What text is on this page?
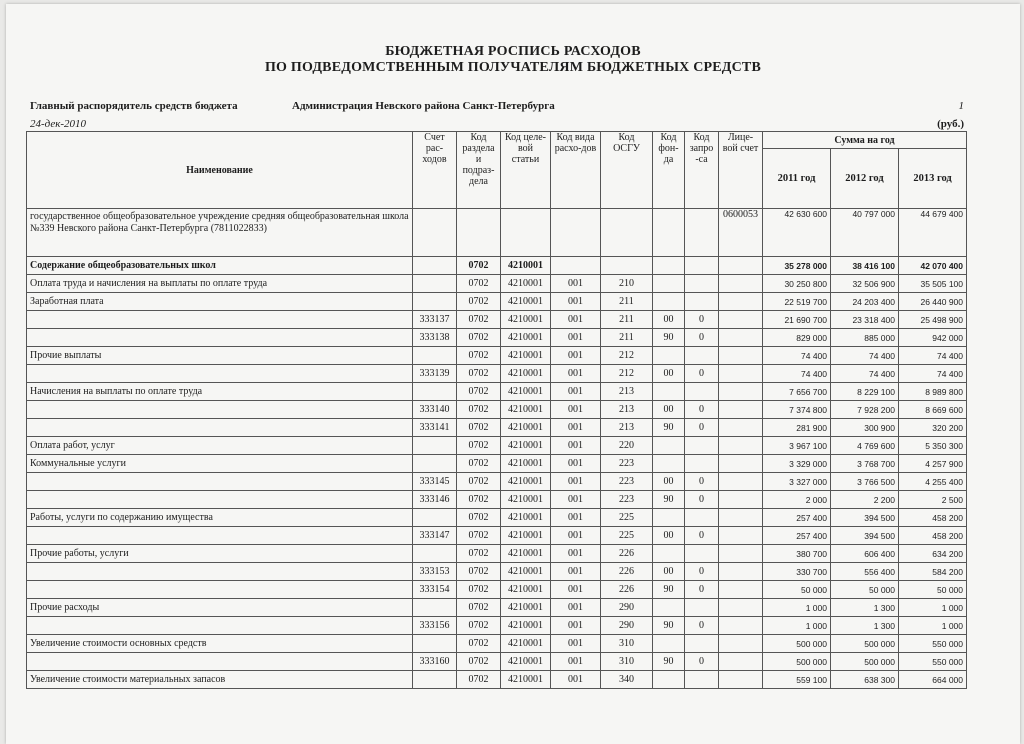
БЮДЖЕТНАЯ РОСПИСЬ РАСХОДОВ
ПО ПОДВЕДОМСТВЕННЫМ ПОЛУЧАТЕЛЯМ БЮДЖЕТНЫХ СРЕДСТВ
Главный распорядитель средств бюджета	Администрация Невского района Санкт-Петербурга	1
24-дек-2010	(руб.)
Наименование	Счет рас-ходов	Код раздела и подраз-дела	Код целе-вой статьи	Код вида расхо-дов	Код ОСГУ	Код фон-да	Код запро -са	Лице-вой счет	Сумма на год		
									2011 год	2012 год	2013 год
государственное общеобразовательное учреждение средняя общеобразовательная школа №339 Невского района Санкт-Петербурга (7811022833)								0600053	42 630 600	40 797 000	44 679 400
Содержание общеобразовательных школ		0702	4210001						35 278 000	38 416 100	42 070 400
Оплата труда и начисления на выплаты по оплате труда		0702	4210001	001	210				30 250 800	32 506 900	35 505 100
Заработная плата		0702	4210001	001	211				22 519 700	24 203 400	26 440 900
	333137	0702	4210001	001	211	00	0		21 690 700	23 318 400	25 498 900
	333138	0702	4210001	001	211	90	0		829 000	885 000	942 000
Прочие выплаты		0702	4210001	001	212				74 400	74 400	74 400
	333139	0702	4210001	001	212	00	0		74 400	74 400	74 400
Начисления на выплаты по оплате труда		0702	4210001	001	213				7 656 700	8 229 100	8 989 800
	333140	0702	4210001	001	213	00	0		7 374 800	7 928 200	8 669 600
	333141	0702	4210001	001	213	90	0		281 900	300 900	320 200
Оплата работ, услуг		0702	4210001	001	220				3 967 100	4 769 600	5 350 300
Коммунальные услуги		0702	4210001	001	223				3 329 000	3 768 700	4 257 900
	333145	0702	4210001	001	223	00	0		3 327 000	3 766 500	4 255 400
	333146	0702	4210001	001	223	90	0		2 000	2 200	2 500
Работы, услуги по содержанию имущества		0702	4210001	001	225				257 400	394 500	458 200
	333147	0702	4210001	001	225	00	0		257 400	394 500	458 200
Прочие работы, услуги		0702	4210001	001	226				380 700	606 400	634 200
	333153	0702	4210001	001	226	00	0		330 700	556 400	584 200
	333154	0702	4210001	001	226	90	0		50 000	50 000	50 000
Прочие расходы		0702	4210001	001	290				1 000	1 300	1 000
	333156	0702	4210001	001	290	90	0		1 000	1 300	1 000
Увеличение стоимости основных средств		0702	4210001	001	310				500 000	500 000	550 000
	333160	0702	4210001	001	310	90	0		500 000	500 000	550 000
Увеличение стоимости материальных запасов		0702	4210001	001	340				559 100	638 300	664 000
